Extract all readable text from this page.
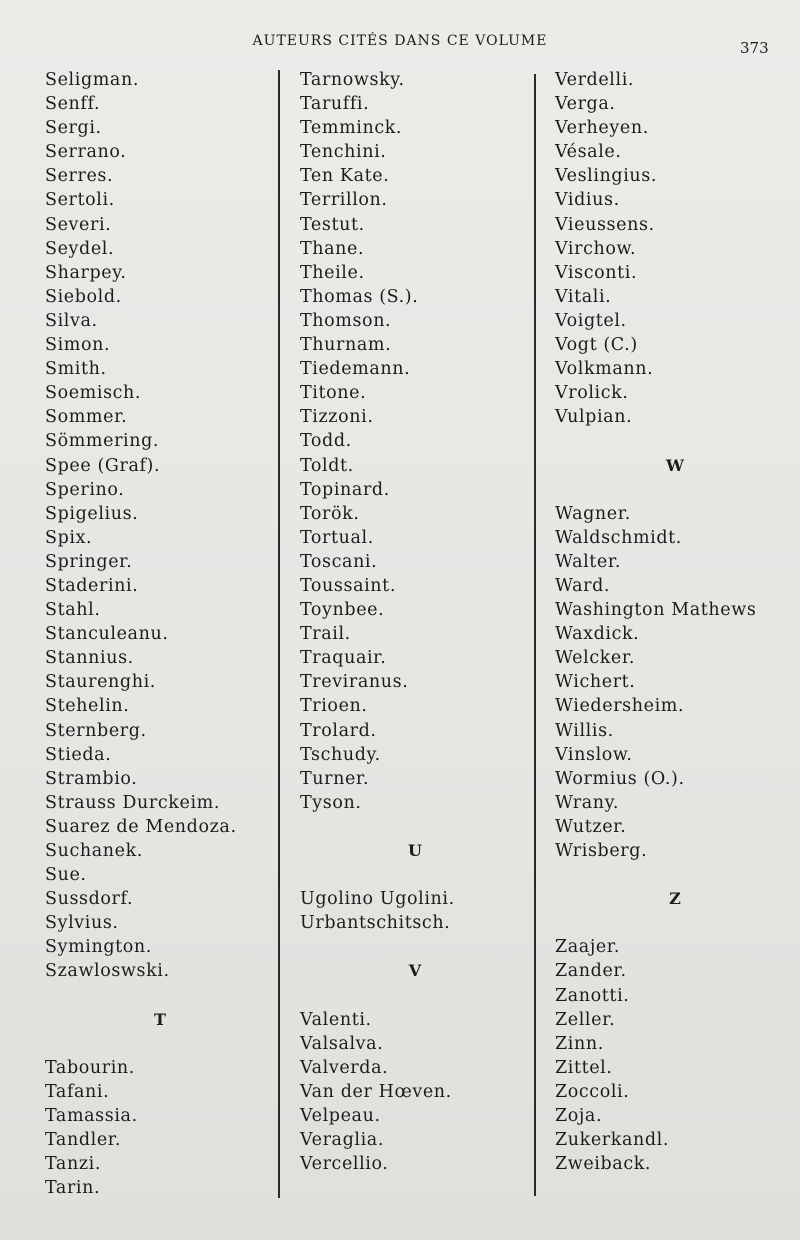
AUTEURS CITÉS DANS CE VOLUME	373
Seligman.
Senff.
Sergi.
Serrano.
Serres.
Sertoli.
Severi.
Seydel.
Sharpey.
Siebold.
Silva.
Simon.
Smith.
Soemisch.
Sommer.
Sömmering.
Spee (Graf).
Sperino.
Spigelius.
Spix.
Springer.
Staderini.
Stahl.
Stanculeanu.
Stannius.
Staurenghi.
Stehelin.
Sternberg.
Stieda.
Strambio.
Strauss Durckeim.
Suarez de Mendoza.
Suchanek.
Sue.
Sussdorf.
Sylvius.
Symington.
Szawloswski.
T
Tabourin.
Tafani.
Tamassia.
Tandler.
Tanzi.
Tarin.
Tarnowsky.
Taruffi.
Temminck.
Tenchini.
Ten Kate.
Terrillon.
Testut.
Thane.
Theile.
Thomas (S.).
Thomson.
Thurnam.
Tiedemann.
Titone.
Tizzoni.
Todd.
Toldt.
Topinard.
Torök.
Tortual.
Toscani.
Toussaint.
Toynbee.
Trail.
Traquair.
Treviranus.
Trioen.
Trolard.
Tschudy.
Turner.
Tyson.
U
Ugolino Ugolini.
Urbantschitsch.
V
Valenti.
Valsalva.
Valverda.
Van der Hœven.
Velpeau.
Veraglia.
Vercellio.
Verdelli.
Verga.
Verheyen.
Vésale.
Veslingius.
Vidius.
Vieussens.
Virchow.
Visconti.
Vitali.
Voigtel.
Vogt (C.)
Volkmann.
Vrolick.
Vulpian.
W
Wagner.
Waldschmidt.
Walter.
Ward.
Washington Mathews
Waxdick.
Welcker.
Wichert.
Wiedersheim.
Willis.
Vinslow.
Wormius (O.).
Wrany.
Wutzer.
Wrisberg.
Z
Zaajer.
Zander.
Zanotti.
Zeller.
Zinn.
Zittel.
Zoccoli.
Zoja.
Zukerkandl.
Zweiback.
